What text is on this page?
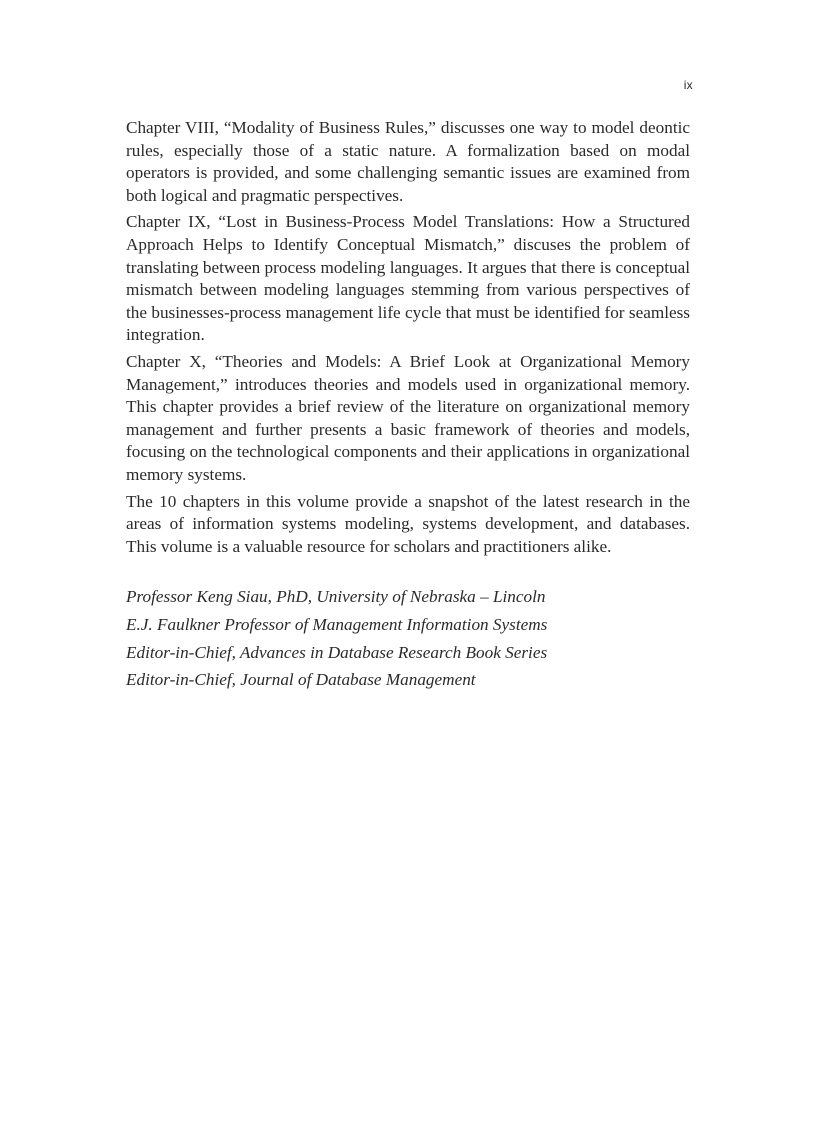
ix

Chapter VIII, “Modality of Business Rules,” discusses one way to model deontic rules, especially those of a static nature. A formalization based on modal operators is provided, and some challenging semantic issues are examined from both logical and pragmatic perspectives.

Chapter IX, “Lost in Business-Process Model Translations: How a Structured Approach Helps to Identify Conceptual Mismatch,” discuses the problem of translating between process modeling languages. It argues that there is conceptual mismatch between modeling languages stemming from various perspectives of the businesses-process management life cycle that must be identified for seamless integration.

Chapter X, “Theories and Models: A Brief Look at Organizational Memory Management,” introduces theories and models used in organizational memory. This chapter provides a brief review of the literature on organizational memory management and further presents a basic framework of theories and models, focusing on the technological components and their applications in organizational memory systems.

The 10 chapters in this volume provide a snapshot of the latest research in the areas of information systems modeling, systems development, and databases. This volume is a valuable resource for scholars and practitioners alike.

Professor Keng Siau, PhD, University of Nebraska – Lincoln
E.J. Faulkner Professor of Management Information Systems
Editor-in-Chief, Advances in Database Research Book Series
Editor-in-Chief, Journal of Database Management
